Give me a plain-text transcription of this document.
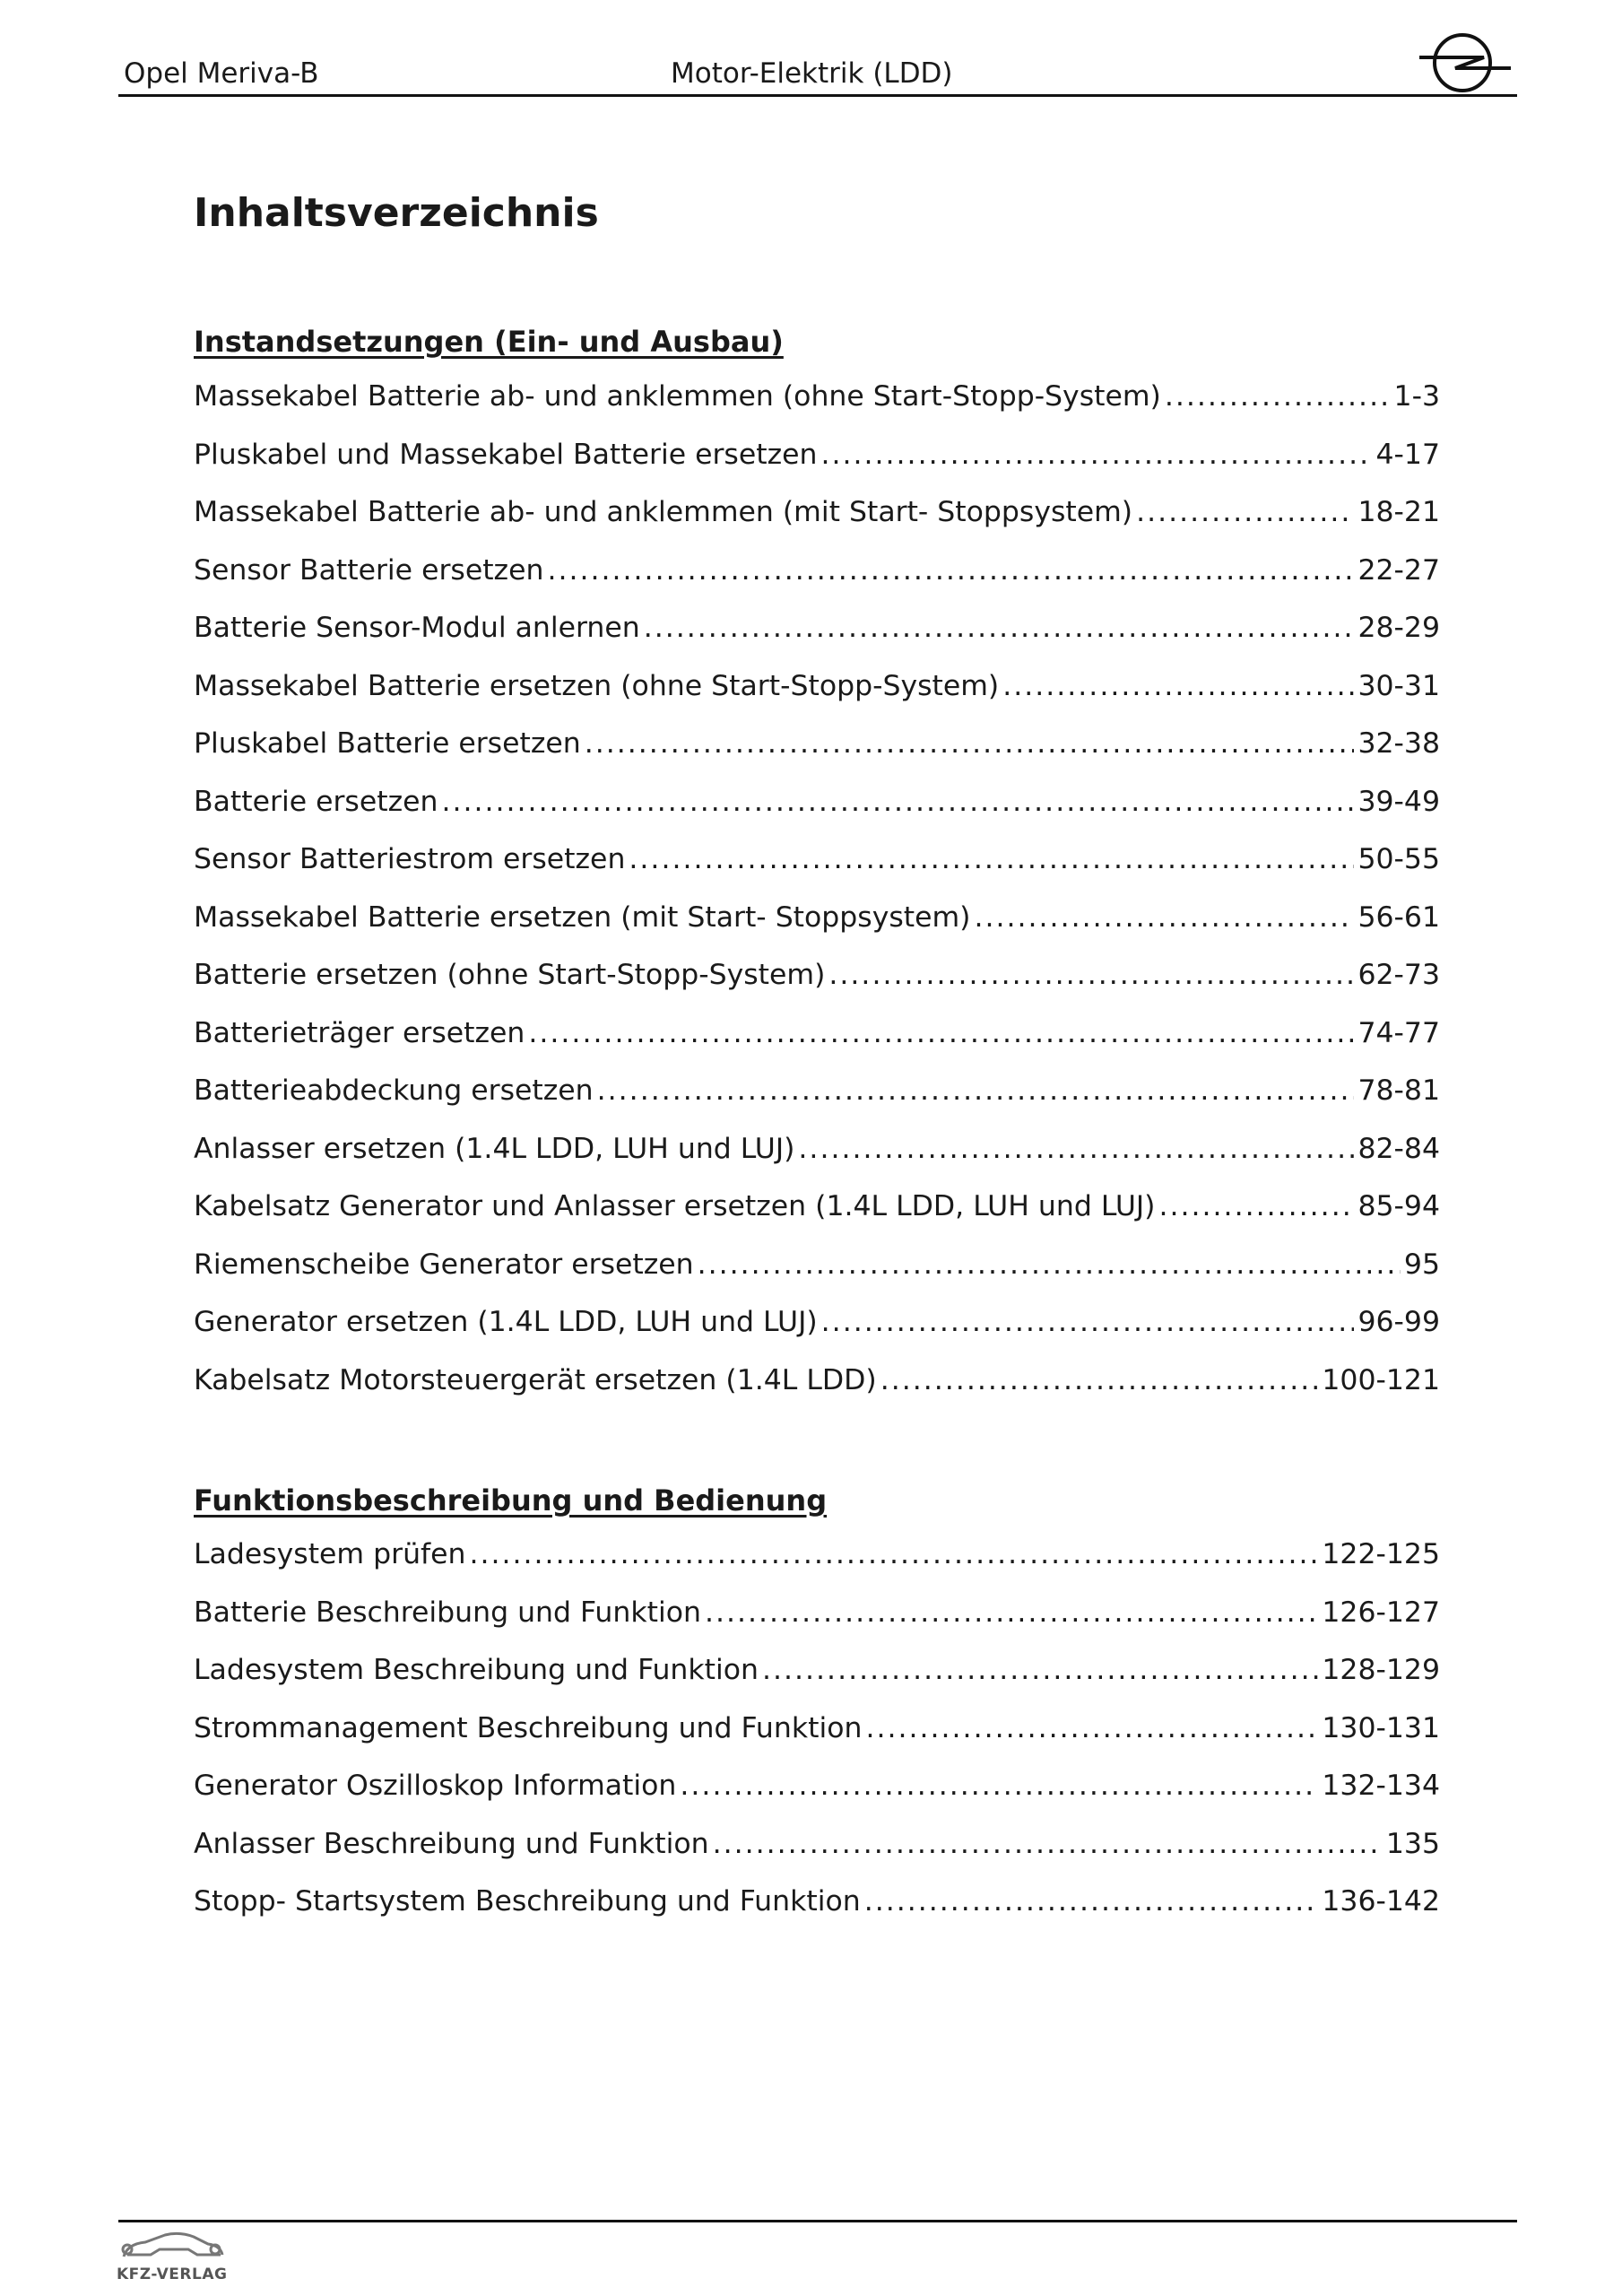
Opel Meriva-B	Motor-Elektrik (LDD)
Inhaltsverzeichnis
Instandsetzungen (Ein- und Ausbau)
Massekabel Batterie ab- und anklemmen (ohne Start-Stopp-System) .....	1-3
Pluskabel und Massekabel Batterie ersetzen .....	4-17
Massekabel Batterie ab- und anklemmen (mit Start- Stoppsystem) .....	18-21
Sensor Batterie ersetzen .....	22-27
Batterie Sensor-Modul anlernen .....	28-29
Massekabel Batterie ersetzen (ohne Start-Stopp-System) .....	30-31
Pluskabel Batterie ersetzen .....	32-38
Batterie ersetzen .....	39-49
Sensor Batteriestrom ersetzen .....	50-55
Massekabel Batterie ersetzen (mit Start- Stoppsystem) .....	56-61
Batterie ersetzen (ohne Start-Stopp-System) .....	62-73
Batterieträger ersetzen .....	74-77
Batterieabdeckung ersetzen .....	78-81
Anlasser ersetzen (1.4L LDD, LUH und LUJ) .....	82-84
Kabelsatz Generator und Anlasser ersetzen (1.4L LDD, LUH und LUJ) .....	85-94
Riemenscheibe Generator ersetzen .....	95
Generator ersetzen (1.4L LDD, LUH und LUJ) .....	96-99
Kabelsatz Motorsteuergerät ersetzen (1.4L LDD) .....	100-121
Funktionsbeschreibung und Bedienung
Ladesystem prüfen .....	122-125
Batterie Beschreibung und Funktion .....	126-127
Ladesystem Beschreibung und Funktion .....	128-129
Strommanagement Beschreibung und Funktion .....	130-131
Generator Oszilloskop Information .....	132-134
Anlasser Beschreibung und Funktion .....	135
Stopp- Startsystem Beschreibung und Funktion .....	136-142
KFZ-VERLAG
